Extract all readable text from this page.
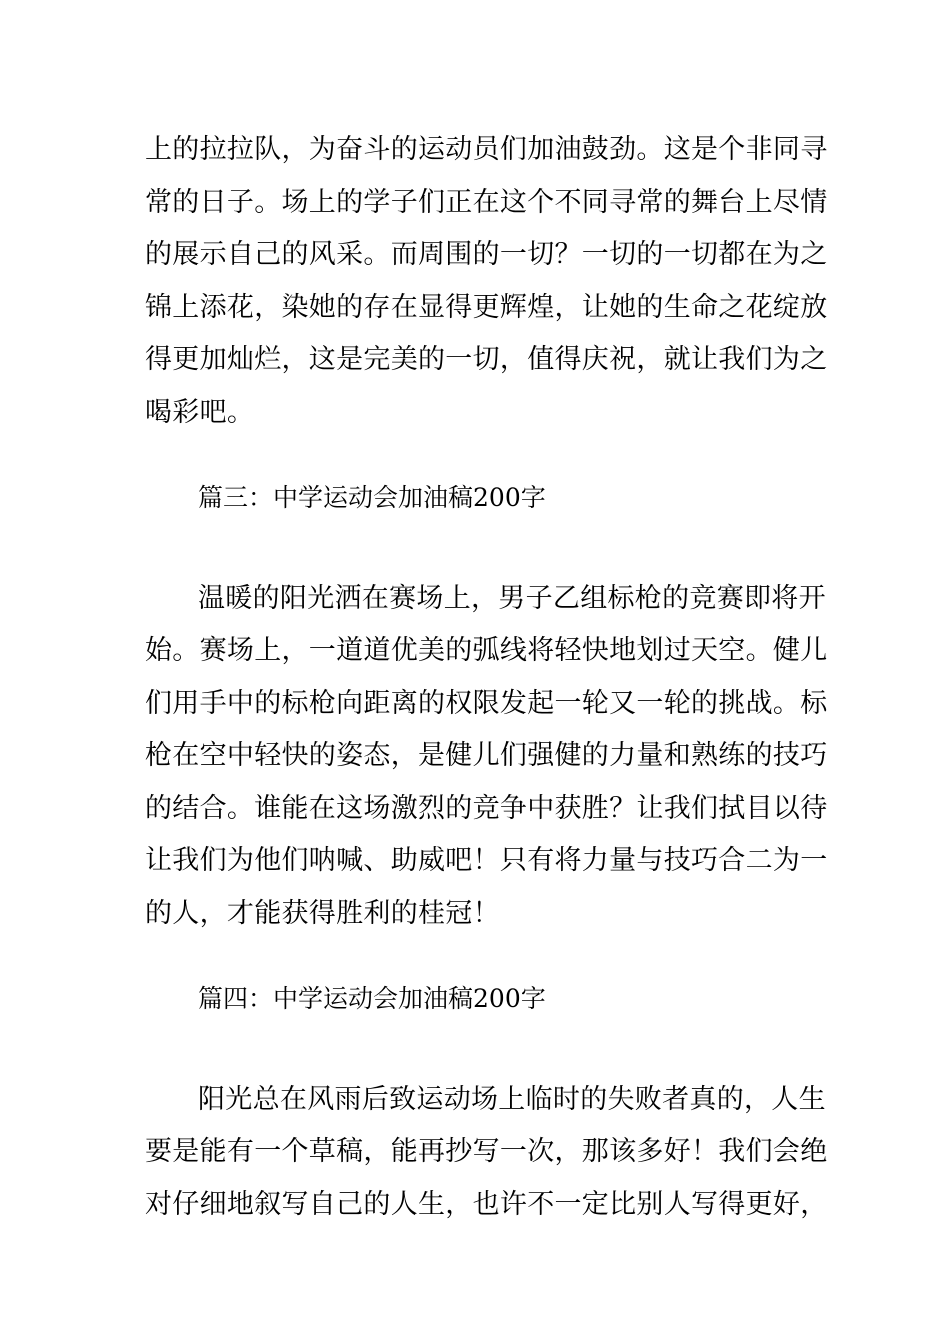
上的拉拉队，为奋斗的运动员们加油鼓劲。这是个非同寻
常的日子。场上的学子们正在这个不同寻常的舞台上尽情
的展示自己的风采。而周围的一切？一切的一切都在为之
锦上添花，染她的存在显得更辉煌，让她的生命之花绽放
得更加灿烂，这是完美的一切，值得庆祝，就让我们为之
喝彩吧。
篇三：中学运动会加油稿200字
温暖的阳光洒在赛场上，男子乙组标枪的竞赛即将开
始。赛场上，一道道优美的弧线将轻快地划过天空。健儿
们用手中的标枪向距离的权限发起一轮又一轮的挑战。标
枪在空中轻快的姿态，是健儿们强健的力量和熟练的技巧
的结合。谁能在这场激烈的竞争中获胜？让我们拭目以待
让我们为他们呐喊、助威吧！只有将力量与技巧合二为一
的人，才能获得胜利的桂冠！
篇四：中学运动会加油稿200字
阳光总在风雨后致运动场上临时的失败者真的，人生
要是能有一个草稿，能再抄写一次，那该多好！我们会绝
对仔细地叙写自己的人生，也许不一定比别人写得更好，
